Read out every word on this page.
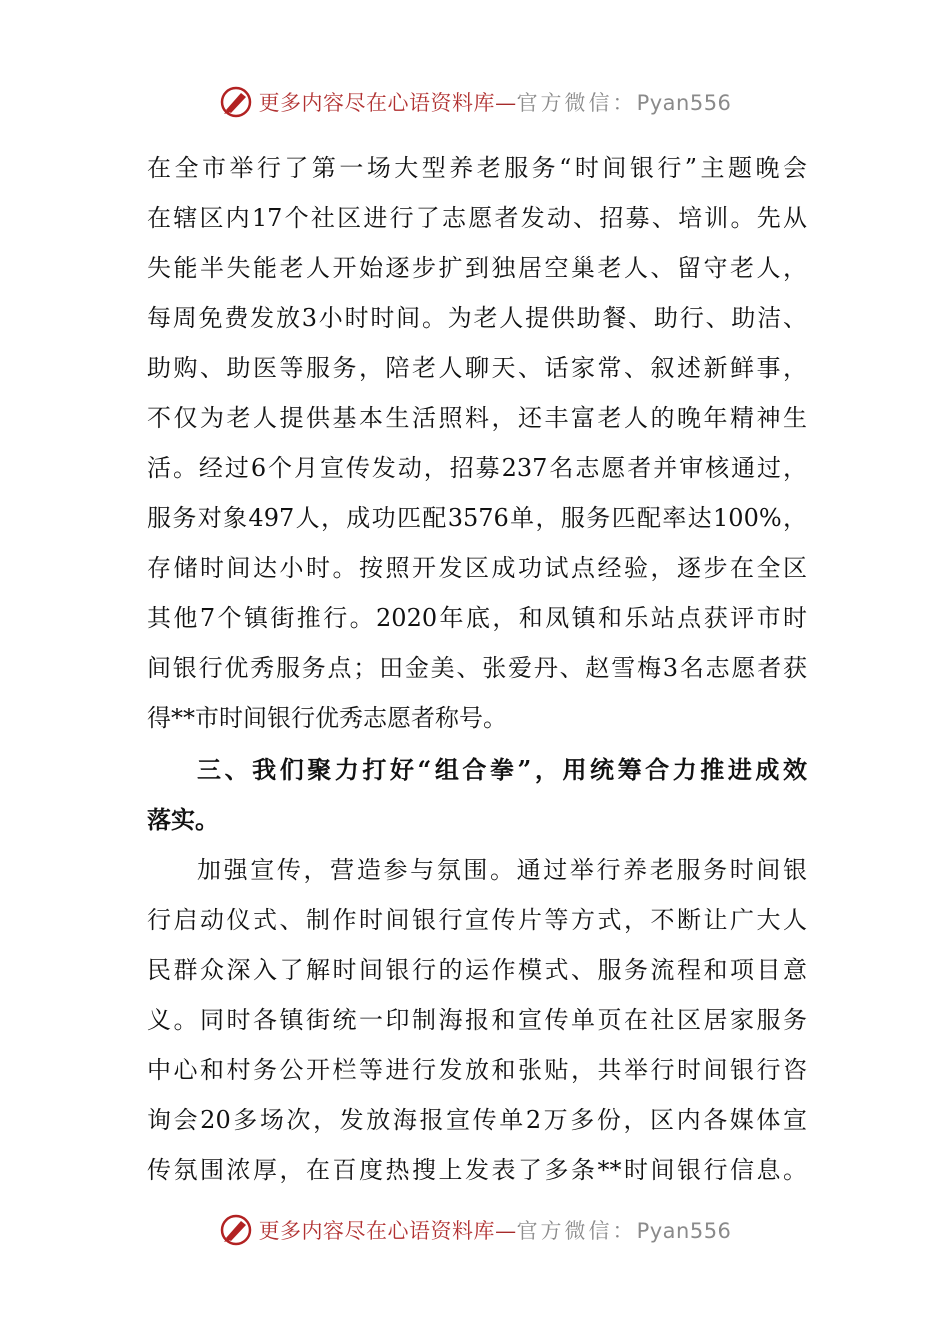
更多内容尽在心语资料库—官方微信：Pyan556
在全市举行了第一场大型养老服务“时间银行”主题晚会
在辖区内17个社区进行了志愿者发动、招募、培训。先从
失能半失能老人开始逐步扩到独居空巢老人、留守老人，
每周免费发放3小时时间。为老人提供助餐、助行、助洁、
助购、助医等服务，陪老人聊天、话家常、叙述新鲜事，
不仅为老人提供基本生活照料，还丰富老人的晚年精神生
活。经过6个月宣传发动，招募237名志愿者并审核通过，
服务对象497人，成功匹配3576单，服务匹配率达100%，
存储时间达小时。按照开发区成功试点经验，逐步在全区
其他7个镇街推行。2020年底，和凤镇和乐站点获评市时
间银行优秀服务点；田金美、张爱丹、赵雪梅3名志愿者获
得**市时间银行优秀志愿者称号。
三、我们聚力打好“组合拳”，用统筹合力推进成效
落实。
加强宣传，营造参与氛围。通过举行养老服务时间银
行启动仪式、制作时间银行宣传片等方式，不断让广大人
民群众深入了解时间银行的运作模式、服务流程和项目意
义。同时各镇街统一印制海报和宣传单页在社区居家服务
中心和村务公开栏等进行发放和张贴，共举行时间银行咨
询会20多场次，发放海报宣传单2万多份，区内各媒体宣
传氛围浓厚，在百度热搜上发表了多条**时间银行信息。
更多内容尽在心语资料库—官方微信：Pyan556
